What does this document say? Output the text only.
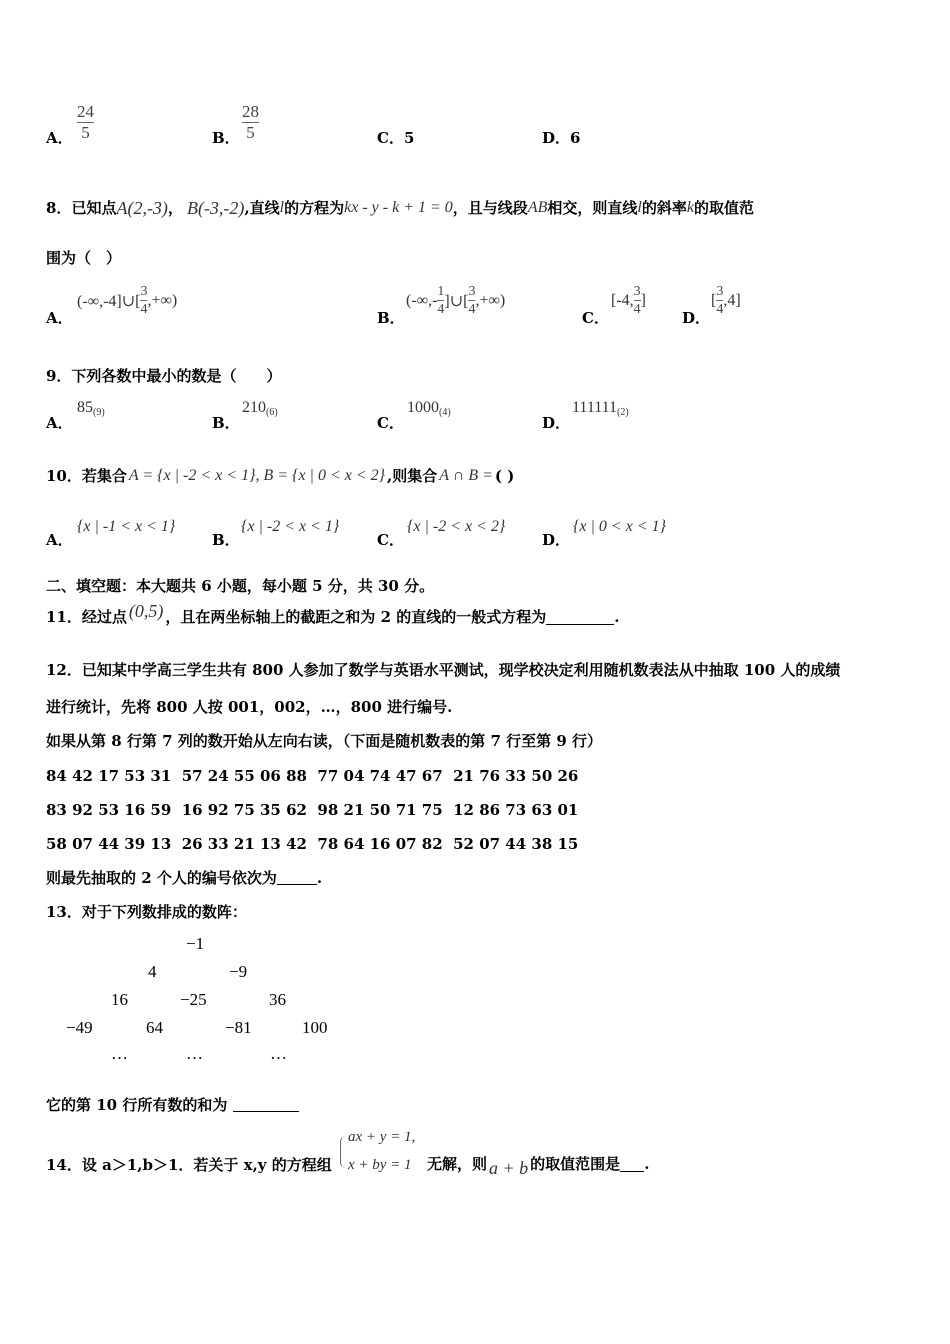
A． $\frac{24}{5}$	B． $\frac{28}{5}$	C．5	D．6
8． 已知点 A(2,-3) ， B(-3,-2) ,直线 l 的方程为 kx - y - k + 1 = 0 ，且与线段 AB 相交，则直线 l 的斜率 k 的取值范
围为（　）
A．
(-∞,-4]∪[ $\frac{3}{4}$ ,+∞)
B．
(-∞,- $\frac{1}{4}$ ]∪[ $\frac{3}{4}$ ,+∞)
C．
[-4, $\frac{3}{4}$ ]
D．
[ $\frac{3}{4} ,4$]
9．下列各数中最小的数是（　　）
A．
$85_{(9)}$
B．
$210_{(6)}$
C．
$1000_{(4)}$
D．
$111111_{(2)}$
10．若集合 A = {x | -2 < x < 1}, B = {x | 0 < x < 2} ,则集合 A ∩ B = ( )
A．
{x | -1 < x < 1}
B．
{x | -2 < x < 1}
C．
{x | -2 < x < 2}
D．
{x | 0 < x < 1}
二、填空题：本大题共 6 小题，每小题 5 分，共 30 分。
11．经过点 (0,5) ，且在两坐标轴上的截距之和为 2 的直线的一般式方程为	.
12．已知某中学高三学生共有 800 人参加了数学与英语水平测试，现学校决定利用随机数表法从中抽取 100 人的成绩
进行统计，先将 800 人按 001，002，…，800 进行编号.
如果从第 8 行第 7 列的数开始从左向右读，（下面是随机数表的第 7 行至第 9 行）
84 42 17 53 31  57 24 55 06 88  77 04 74 47 67  21 76 33 50 26
83 92 53 16 59  16 92 75 35 62  98 21 50 71 75  12 86 73 63 01
58 07 44 39 13  26 33 21 13 42  78 64 16 07 82  52 07 44 38 15
则最先抽取的 2 个人的编号依次为	.
13．对于下列数排成的数阵：
−1
4	−9
16	−25	36
−49	64	−81	100
…	…	…
它的第 10 行所有数的和为
ax + y = 1,
x + by = 1
14．设 a＞1,b＞1．若关于 x,y 的方程组	无解，则 a + b 的取值范围是 .
